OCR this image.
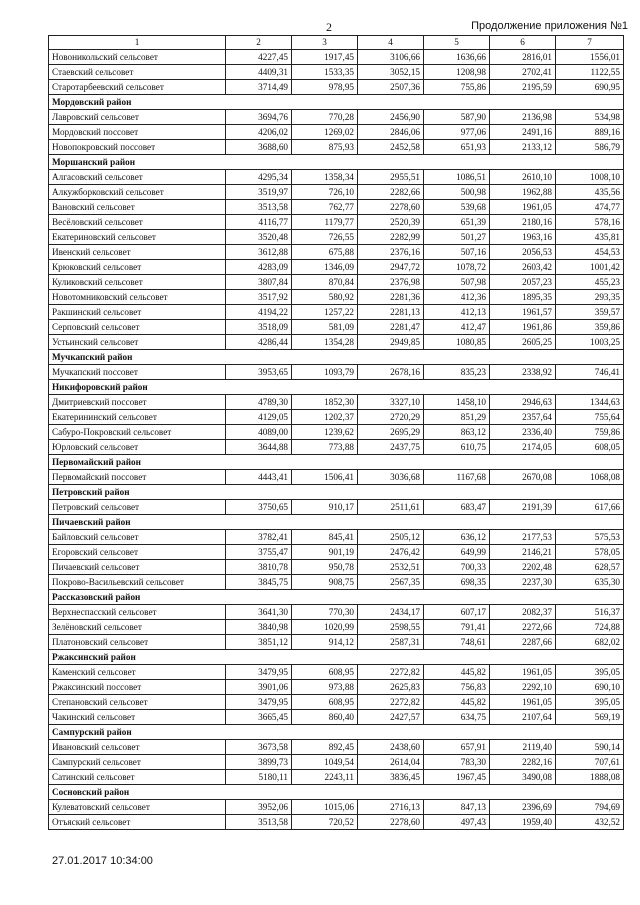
2	Продолжение приложения №1
1	2	3	4	5	6	7
Новоникольский сельсовет	4227,45	1917,45	3106,66	1636,66	2816,01	1556,01
Стаевский сельсовет	4409,31	1533,35	3052,15	1208,98	2702,41	1122,55
Старотарбеевский сельсовет	3714,49	978,95	2507,36	755,86	2195,59	690,95
Мордовский район						
Лавровский сельсовет	3694,76	770,28	2456,90	587,90	2136,98	534,98
Мордовский поссовет	4206,02	1269,02	2846,06	977,06	2491,16	889,16
Новопокровский поссовет	3688,60	875,93	2452,58	651,93	2133,12	586,79
Моршанский район						
Алгасовский сельсовет	4295,34	1358,34	2955,51	1086,51	2610,10	1008,10
Алкужборковский сельсовет	3519,97	726,10	2282,66	500,98	1962,88	435,56
Вановский сельсовет	3513,58	762,77	2278,60	539,68	1961,05	474,77
Весёловский сельсовет	4116,77	1179,77	2520,39	651,39	2180,16	578,16
Екатериновский сельсовет	3520,48	726,55	2282,99	501,27	1963,16	435,81
Ивенский сельсовет	3612,88	675,88	2376,16	507,16	2056,53	454,53
Крюковский сельсовет	4283,09	1346,09	2947,72	1078,72	2603,42	1001,42
Куликовский сельсовет	3807,84	870,84	2376,98	507,98	2057,23	455,23
Новотомниковский сельсовет	3517,92	580,92	2281,36	412,36	1895,35	293,35
Ракшинский сельсовет	4194,22	1257,22	2281,13	412,13	1961,57	359,57
Серповский сельсовет	3518,09	581,09	2281,47	412,47	1961,86	359,86
Устьинский сельсовет	4286,44	1354,28	2949,85	1080,85	2605,25	1003,25
Мучкапский район						
Мучкапский поссовет	3953,65	1093,79	2678,16	835,23	2338,92	746,41
Никифоровский район						
Дмитриевский поссовет	4789,30	1852,30	3327,10	1458,10	2946,63	1344,63
Екатерининский сельсовет	4129,05	1202,37	2720,29	851,29	2357,64	755,64
Сабуро-Покровский сельсовет	4089,00	1239,62	2695,29	863,12	2336,40	759,86
Юрловский сельсовет	3644,88	773,88	2437,75	610,75	2174,05	608,05
Первомайский район						
Первомайский поссовет	4443,41	1506,41	3036,68	1167,68	2670,08	1068,08
Петровский район						
Петровский сельсовет	3750,65	910,17	2511,61	683,47	2191,39	617,66
Пичаевский район						
Байловский сельсовет	3782,41	845,41	2505,12	636,12	2177,53	575,53
Егоровский сельсовет	3755,47	901,19	2476,42	649,99	2146,21	578,05
Пичаевский сельсовет	3810,78	950,78	2532,51	700,33	2202,48	628,57
Покрово-Васильевский сельсовет	3845,75	908,75	2567,35	698,35	2237,30	635,30
Рассказовский район						
Верхнеспасский сельсовет	3641,30	770,30	2434,17	607,17	2082,37	516,37
Зелёновский сельсовет	3840,98	1020,99	2598,55	791,41	2272,66	724,88
Платоновский сельсовет	3851,12	914,12	2587,31	748,61	2287,66	682,02
Ржаксинский район						
Каменский сельсовет	3479,95	608,95	2272,82	445,82	1961,05	395,05
Ржаксинский поссовет	3901,06	973,88	2625,83	756,83	2292,10	690,10
Степановский сельсовет	3479,95	608,95	2272,82	445,82	1961,05	395,05
Чакинский сельсовет	3665,45	860,40	2427,57	634,75	2107,64	569,19
Сампурский район						
Ивановский сельсовет	3673,58	892,45	2438,60	657,91	2119,40	590,14
Сампурский сельсовет	3899,73	1049,54	2614,04	783,30	2282,16	707,61
Сатинский сельсовет	5180,11	2243,11	3836,45	1967,45	3490,08	1888,08
Сосновский район						
Кулеватовский сельсовет	3952,06	1015,06	2716,13	847,13	2396,69	794,69
Отъяский сельсовет	3513,58	720,52	2278,60	497,43	1959,40	432,52
27.01.2017 10:34:00
